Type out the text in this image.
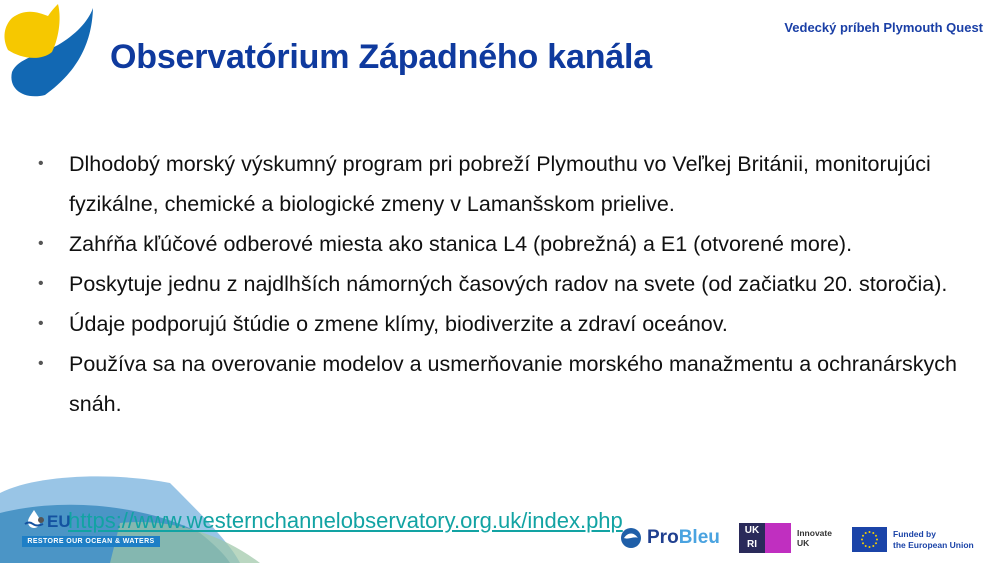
Vedecký príbeh Plymouth Quest
Observatórium Západného kanála
• Dlhodobý morský výskumný program pri pobreží Plymouthu vo Veľkej Británii, monitorujúci fyzikálne, chemické a biologické zmeny v Lamanšskom prielive.
• Zahŕňa kľúčové odberové miesta ako stanica L4 (pobrežná) a E1 (otvorené more).
• Poskytuje jednu z najdlhších námorných časových radov na svete (od začiatku 20. storočia).
• Údaje podporujú štúdie o zmene klímy, biodiverzite a zdraví oceánov.
• Používa sa na overovanie modelov a usmerňovanie morského manažmentu a ochranárskych snáh.
EU
RESTORE OUR OCEAN & WATERS
https://www.westernchannelobservatory.org.uk/index.php
ProBleu	UK RI
Innovate
UK
Funded by
the European Union
